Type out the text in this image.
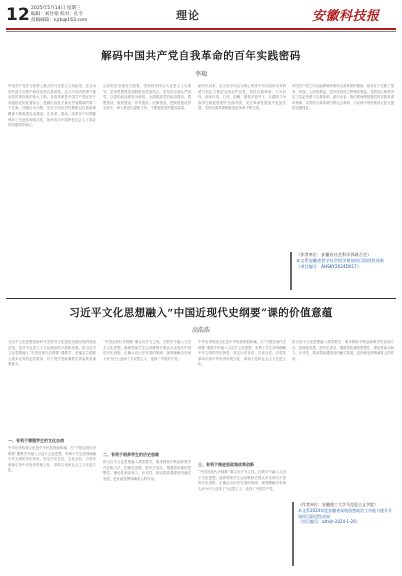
12 2025年5月14日 星期三
编辑：刘付娟 校对：孔令
投稿邮箱：kjrb@163.com	理论	安徽科技报
解码中国共产党自我革命的百年实践密码
李瑞
中国共产党作为世界上最大的马克思主义执政党，在百余年的奋斗历程中始终坚持自我革命，以刀刃向内的勇气推动党的建设新的伟大工程。自我革命是中国共产党区别于其他政党的显著标志，是跳出治乱兴衰历史周期率的第二个答案。回顾百年历程，党在不同历史时期都以自我革命精神不断推进自身建设，在革命、建设、改革各个时期都保持了先进性和纯洁性，始终成为中国特色社会主义事业的坚强领导核心。
从党的自身建设方面看，党始终坚持以马克思主义为指导，坚持思想建党和制度治党相结合。党坚持全面从严治党，以党的政治建设为统领，全面推进党的政治建设、思想建设、组织建设、作风建设、纪律建设，把制度建设贯穿其中，深入推进反腐败斗争，不断提高党的建设质量。
新时代以来，以习近平同志为核心的党中央以前所未有的勇气和定力推进全面从严治党，坚持自我革命，刀刃向内，刮骨疗毒，打虎、拍蝇、猎狐多管齐下，反腐败斗争取得压倒性胜利并全面巩固，党在革命性锻造中更加坚强，党的自我革命制度规范体系不断完善。
中国共产党之所以能够始终保持自我革命的精神，根本在于党除了国家、民族、人民的利益，没有任何自己特殊的利益。党的初心使命决定了党必须勇于自我革命。面向未来，我们要深刻把握党的自我革命的规律，以党的自我革命引领社会革命，为实现中华民族伟大复兴提供坚强保证。
（作者单位：安徽省社会科学界联合会）
本文系安徽省哲学社会科学规划项目阶段性成果
（项目编号：AHSKY2024D017）
习近平文化思想融入“中国近现代史纲要”课的价值意蕴
高浩浩
习近平文化思想是新时代党领导文化建设实践经验的理论总结，是对马克思主义文化理论的丰富和发展。将习近平文化思想融入“中国近现代史纲要”课教学，是落实立德树人根本任务的必然要求，对于提升思政课教学质量具有重要意义。
一、有利于增强学生的文化自信
中华优秀传统文化是中华民族的根和魂。在“中国近现代史纲要”课教学中融入习近平文化思想，有利于学生深刻理解中华文明的突出特性，坚定历史自信、文化自信，自觉传承和弘扬中华优秀传统文化、革命文化和社会主义先进文化。
“中国近现代史纲要”课以历史为主线，在教学中融入习近平文化思想，能够帮助学生运用唯物史观认识近现代中国的历史进程，正确认识历史发展的规律，深刻理解历史和人民为什么选择了马克思主义、选择了中国共产党。
二、有利于培养学生的历史思维
将习近平文化思想融入课堂教学，要求教师不断创新教学内容和方法，把理论讲透、把历史讲活，增强思政课的思想性、理论性和亲和力、针对性，推动思政课建设内涵式发展，更好地发挥铸魂育人的作用。
中华优秀传统文化是中华民族的根和魂。在“中国近现代史纲要”课教学中融入习近平文化思想，有利于学生深刻理解中华文明的突出特性，坚定历史自信、文化自信，自觉传承和弘扬中华优秀传统文化、革命文化和社会主义先进文化。
三、有利于推进思政课改革创新
“中国近现代史纲要”课以历史为主线，在教学中融入习近平文化思想，能够帮助学生运用唯物史观认识近现代中国的历史进程，正确认识历史发展的规律，深刻理解历史和人民为什么选择了马克思主义、选择了中国共产党。
将习近平文化思想融入课堂教学，要求教师不断创新教学内容和方法，把理论讲透、把历史讲活，增强思政课的思想性、理论性和亲和力、针对性，推动思政课建设内涵式发展，更好地发挥铸魂育人的作用。
（作者单位：安徽理工大学马克思主义学院）
本文系2024年度安徽省高校思想政治工作能力提升计划项目阶段性成果
（项目编号：sztsjh-2024-1-26）
